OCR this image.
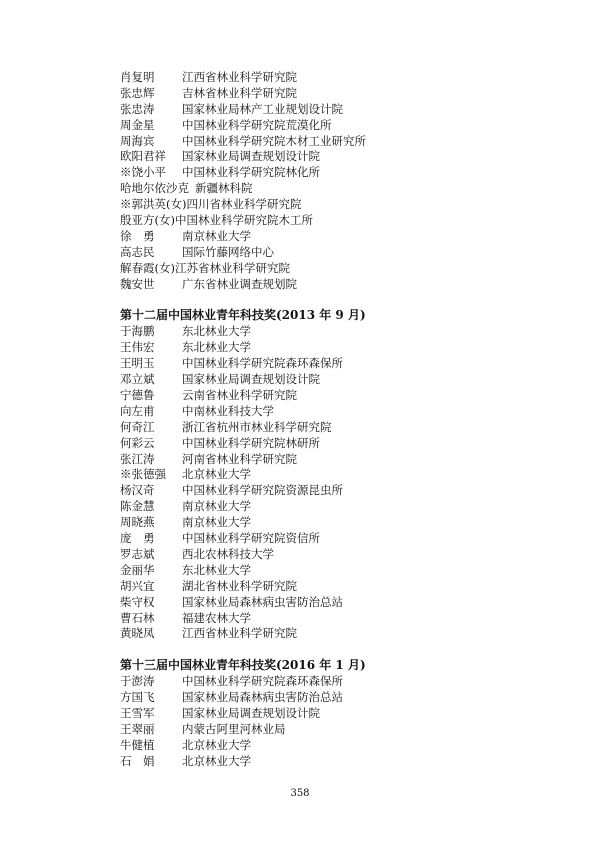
肖复明	江西省林业科学研究院
张忠辉	吉林省林业科学研究院
张忠涛	国家林业局林产工业规划设计院
周金星	中国林业科学研究院荒漠化所
周海宾	中国林业科学研究院木材工业研究所
欧阳君祥	国家林业局调查规划设计院
※饶小平	中国林业科学研究院林化所
哈地尔依沙克 新疆林科院
※郭洪英(女) 四川省林业科学研究院
殷亚方(女) 中国林业科学研究院木工所
徐　勇	南京林业大学
高志民	国际竹藤网络中心
解春霞(女) 江苏省林业科学研究院
魏安世	广东省林业调查规划院
第十二届中国林业青年科技奖(2013 年 9 月)
于海鹏	东北林业大学
王伟宏	东北林业大学
王明玉	中国林业科学研究院森环森保所
邓立斌	国家林业局调查规划设计院
宁德鲁	云南省林业科学研究院
向左甫	中南林业科技大学
何奇江	浙江省杭州市林业科学研究院
何彩云	中国林业科学研究院林研所
张江涛	河南省林业科学研究院
※张德强	北京林业大学
杨汉奇	中国林业科学研究院资源昆虫所
陈金慧	南京林业大学
周晓燕	南京林业大学
庞　勇	中国林业科学研究院资信所
罗志斌	西北农林科技大学
金丽华	东北林业大学
胡兴宜	湖北省林业科学研究院
柴守权	国家林业局森林病虫害防治总站
曹石林	福建农林大学
黄晓凤	江西省林业科学研究院
第十三届中国林业青年科技奖(2016 年 1 月)
于澎涛	中国林业科学研究院森环森保所
方国飞	国家林业局森林病虫害防治总站
王雪军	国家林业局调查规划设计院
王翠丽	内蒙古阿里河林业局
牛健植	北京林业大学
石　娟	北京林业大学
358
